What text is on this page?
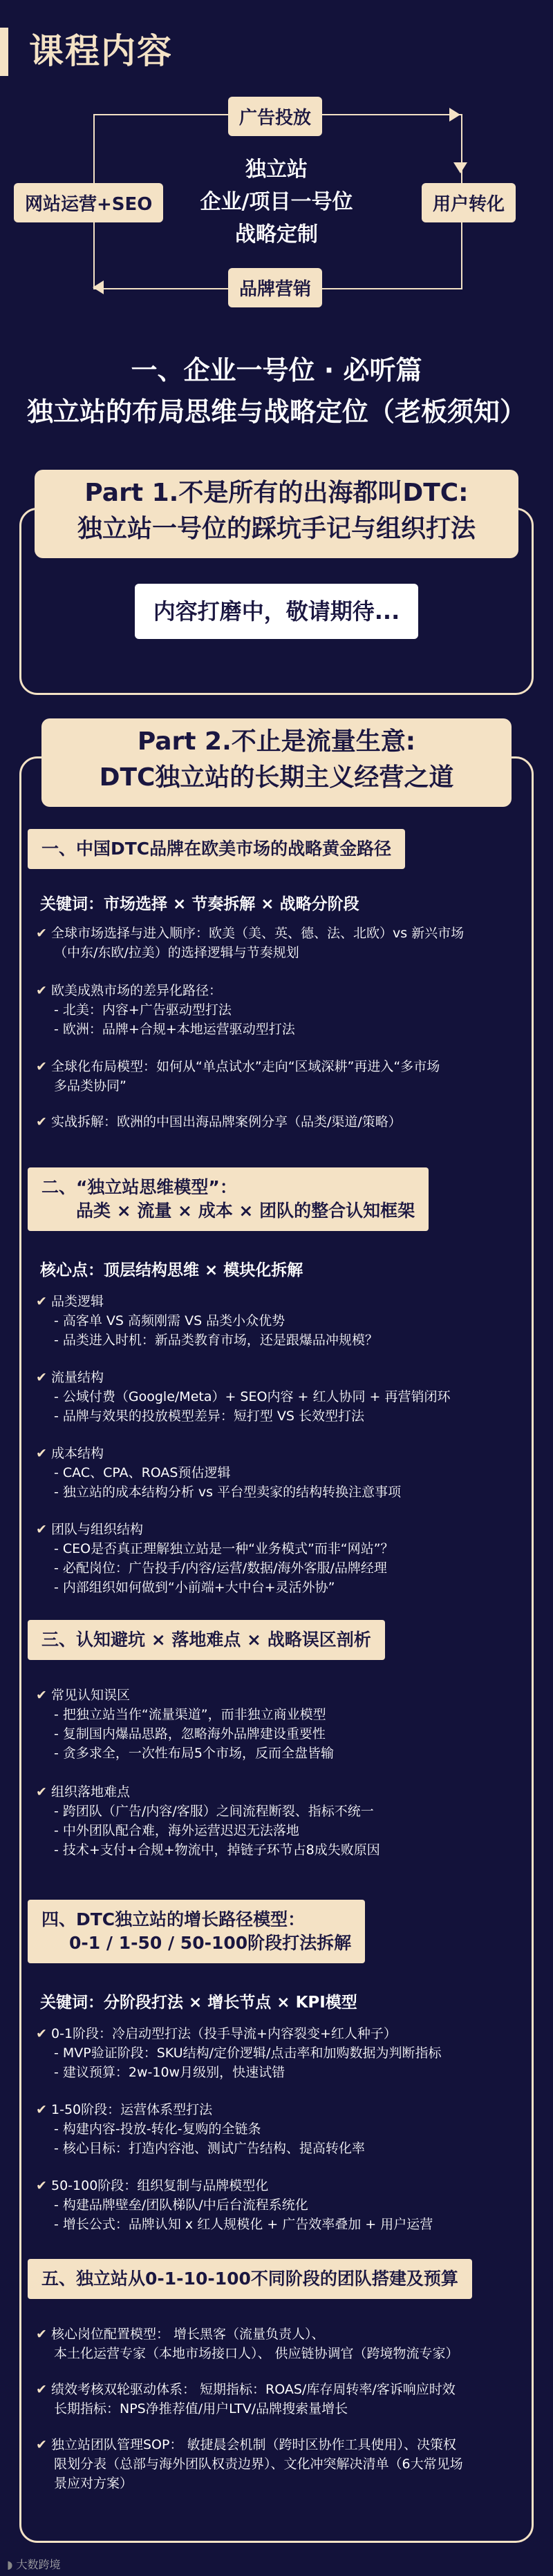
课程内容
广告投放
网站运营+SEO	用户转化
品牌营销
独立站
企业/项目一号位
战略定制
一、企业一号位 · 必听篇
独立站的布局思维与战略定位（老板须知）
Part 1.不是所有的出海都叫DTC:
独立站一号位的踩坑手记与组织打法
内容打磨中，敬请期待...
Part 2.不止是流量生意:
DTC独立站的长期主义经营之道
一、中国DTC品牌在欧美市场的战略黄金路径
关键词：市场选择 × 节奏拆解 × 战略分阶段
✔ 全球市场选择与进入顺序：欧美（美、英、德、法、北欧）vs 新兴市场
（中东/东欧/拉美）的选择逻辑与节奏规划
✔ 欧美成熟市场的差异化路径：
- 北美：内容+广告驱动型打法
- 欧洲：品牌+合规+本地运营驱动型打法
✔ 全球化布局模型：如何从“单点试水”走向“区域深耕”再进入“多市场
多品类协同”
✔ 实战拆解：欧洲的中国出海品牌案例分享（品类/渠道/策略）
二、“独立站思维模型”：
品类 × 流量 × 成本 × 团队的整合认知框架
核心点：顶层结构思维 × 模块化拆解
✔ 品类逻辑
- 高客单 VS 高频刚需 VS 品类小众优势
- 品类进入时机：新品类教育市场，还是跟爆品冲规模？
✔ 流量结构
- 公域付费（Google/Meta）+ SEO内容 + 红人协同 + 再营销闭环
- 品牌与效果的投放模型差异：短打型 VS 长效型打法
✔ 成本结构
- CAC、CPA、ROAS预估逻辑
- 独立站的成本结构分析 vs 平台型卖家的结构转换注意事项
✔ 团队与组织结构
- CEO是否真正理解独立站是一种“业务模式”而非“网站”？
- 必配岗位：广告投手/内容/运营/数据/海外客服/品牌经理
- 内部组织如何做到“小前端+大中台+灵活外协”
三、认知避坑 × 落地难点 × 战略误区剖析
✔ 常见认知误区
- 把独立站当作“流量渠道”，而非独立商业模型
- 复制国内爆品思路，忽略海外品牌建设重要性
- 贪多求全，一次性布局5个市场，反而全盘皆输
✔ 组织落地难点
- 跨团队（广告/内容/客服）之间流程断裂、指标不统一
- 中外团队配合难，海外运营迟迟无法落地
- 技术+支付+合规+物流中，掉链子环节占8成失败原因
四、DTC独立站的增长路径模型：
0-1 / 1-50 / 50-100阶段打法拆解
关键词：分阶段打法 × 增长节点 × KPI模型
✔ 0-1阶段：冷启动型打法（投手导流+内容裂变+红人种子）
- MVP验证阶段：SKU结构/定价逻辑/点击率和加购数据为判断指标
- 建议预算：2w-10w月级别，快速试错
✔ 1-50阶段：运营体系型打法
- 构建内容-投放-转化-复购的全链条
- 核心目标：打造内容池、测试广告结构、提高转化率
✔ 50-100阶段：组织复制与品牌模型化
- 构建品牌壁垒/团队梯队/中后台流程系统化
- 增长公式：品牌认知 x 红人规模化 + 广告效率叠加 + 用户运营
五、独立站从0-1-10-100不同阶段的团队搭建及预算
✔ 核心岗位配置模型： 增长黑客（流量负责人）、
本土化运营专家（本地市场接口人）、 供应链协调官（跨境物流专家）
✔ 绩效考核双轮驱动体系： 短期指标：ROAS/库存周转率/客诉响应时效
长期指标：NPS净推荐值/用户LTV/品牌搜索量增长
✔ 独立站团队管理SOP： 敏捷晨会机制（跨时区协作工具使用）、决策权
限划分表（总部与海外团队权责边界）、文化冲突解决清单（6大常见场
景应对方案）
◗ 大数跨境
